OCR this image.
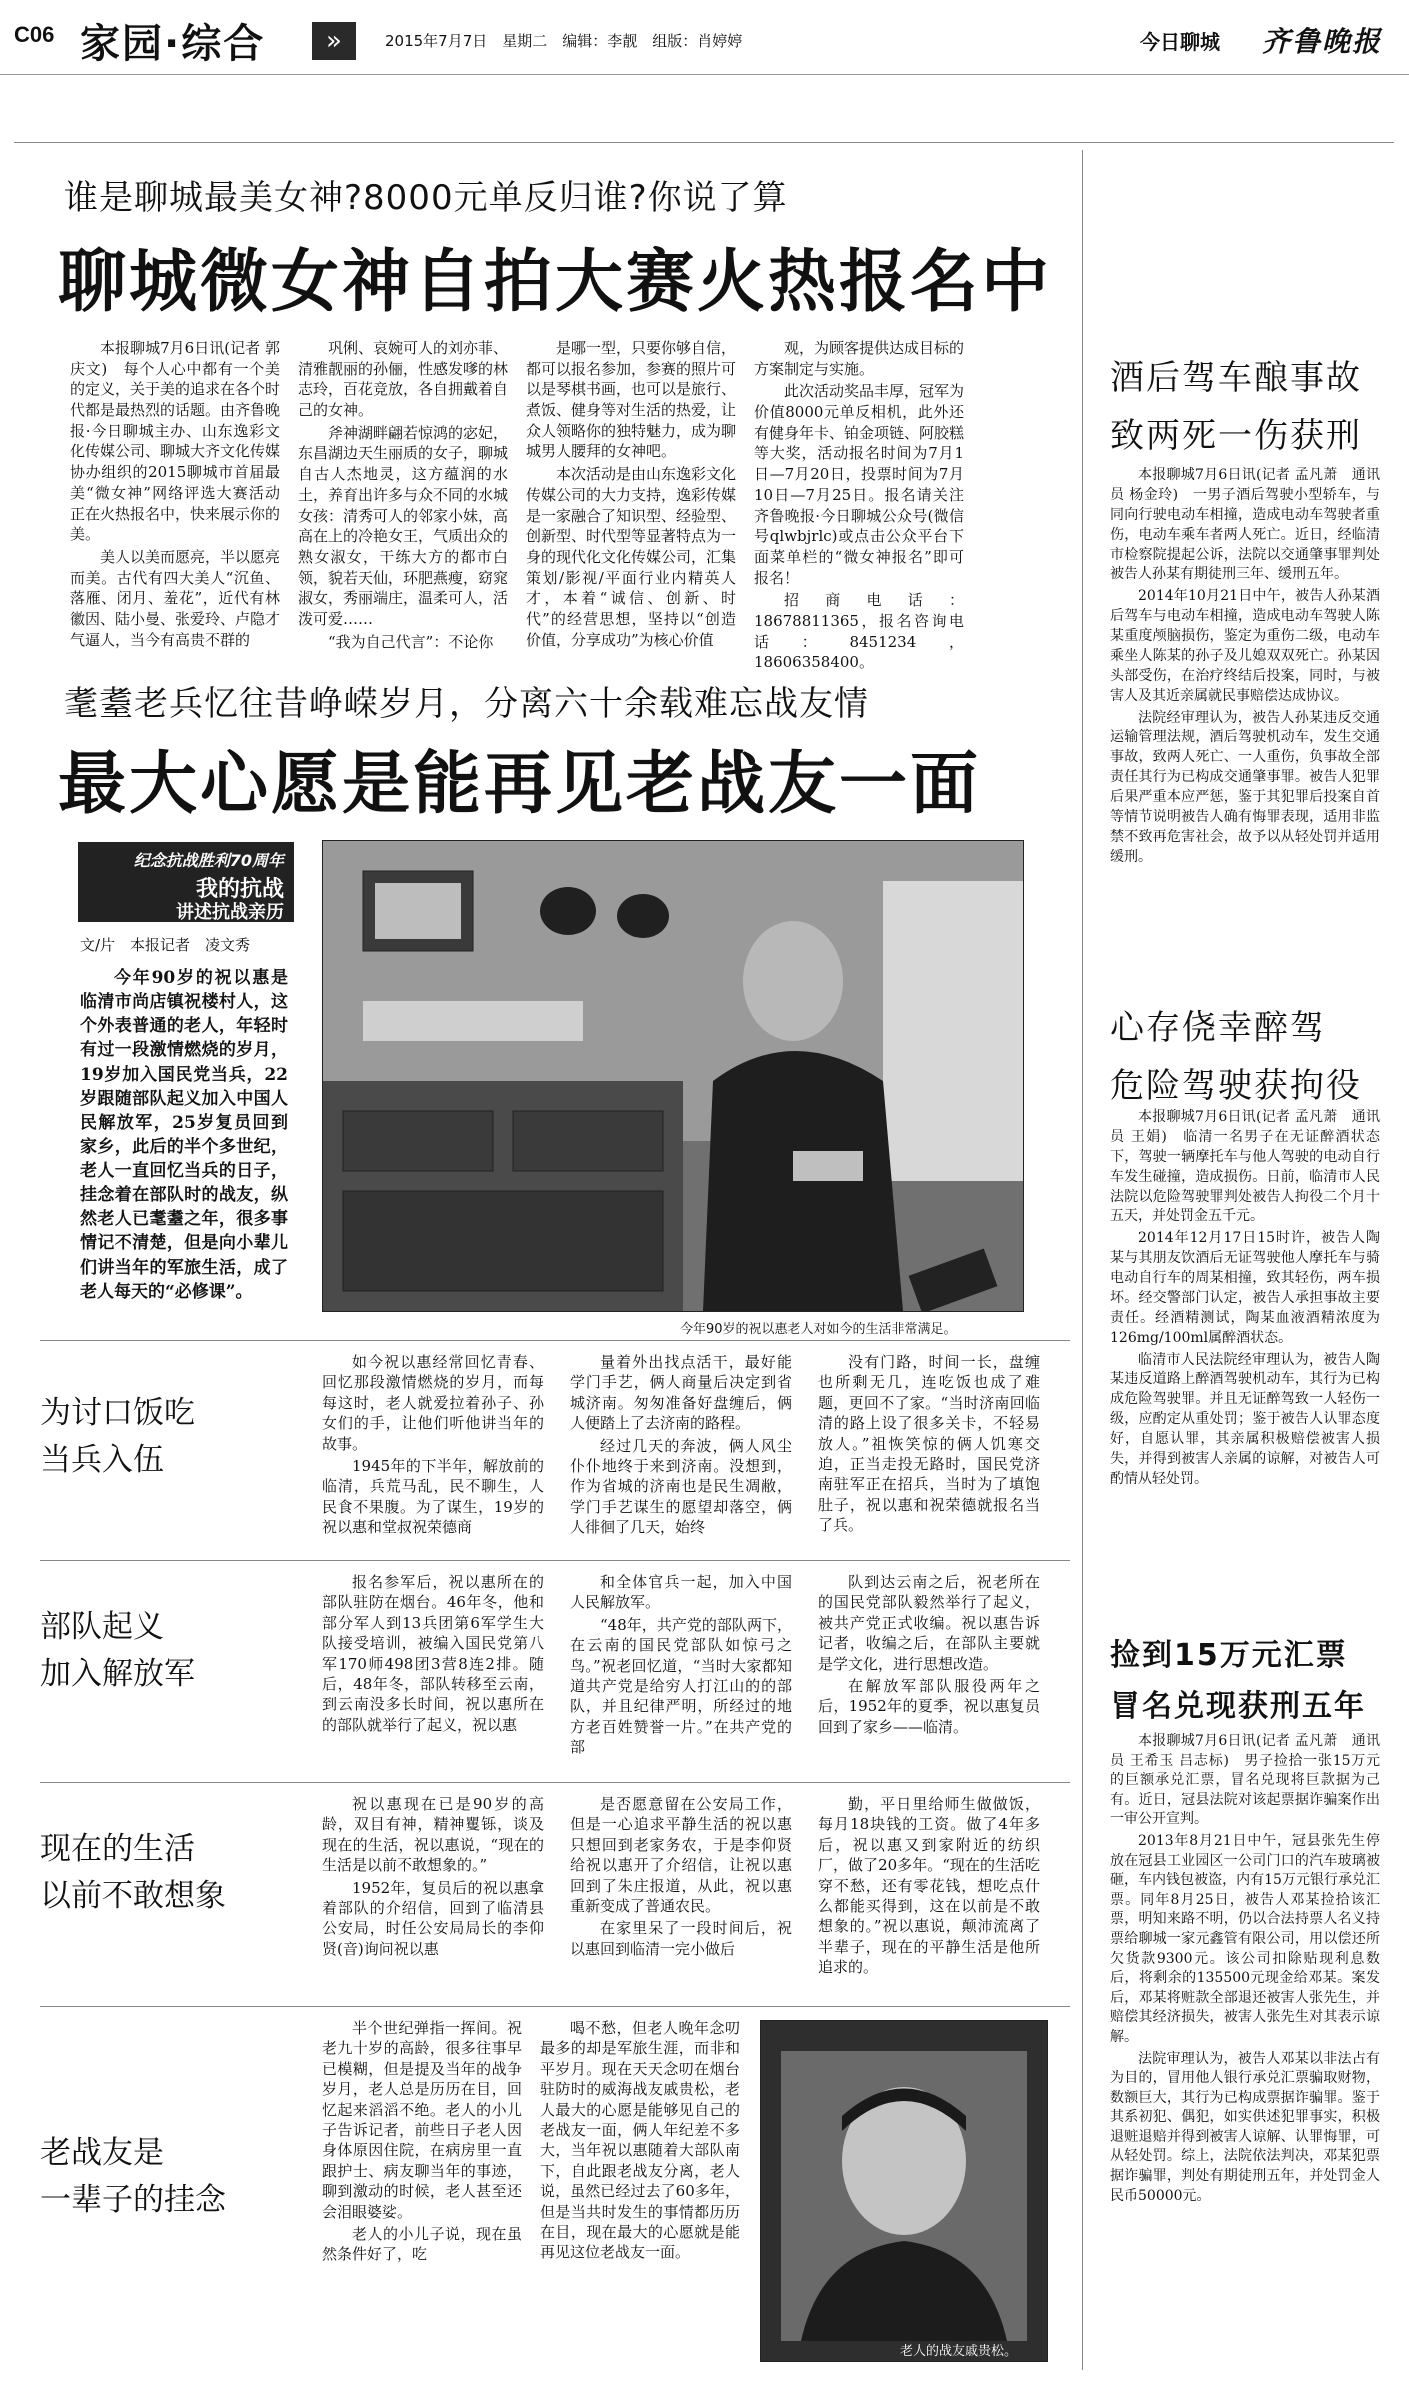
C06 家园·综合	»	2015年7月7日　星期二　编辑：李靓　组版：肖婷婷	今日聊城 齐鲁晚报
谁是聊城最美女神?8000元单反归谁?你说了算
聊城微女神自拍大赛火热报名中

本报聊城7月6日讯(记者 郭庆文)　每个人心中都有一个美的定义，关于美的追求在各个时代都是最热烈的话题。由齐鲁晚报·今日聊城主办、山东逸彩文化传媒公司、聊城大齐文化传媒协办组织的2015聊城市首届最美“微女神”网络评选大赛活动正在火热报名中，快来展示你的美。

美人以美而愿亮，半以愿亮而美。古代有四大美人“沉鱼、落雁、闭月、羞花”，近代有林徽因、陆小曼、张爱玲、卢隐才气逼人，当今有高贵不群的

巩俐、哀婉可人的刘亦菲、清雅靓丽的孙俪，性感发嗲的林志玲，百花竞放，各自拥戴着自己的女神。

斧神湖畔翩若惊鸿的宓妃，东昌湖边天生丽质的女子，聊城自古人杰地灵，这方蕴润的水土，养育出许多与众不同的水城女孩：清秀可人的邻家小妹，高高在上的冷艳女王，气质出众的熟女淑女，干练大方的都市白领，貌若天仙，环肥燕瘦，窈窕淑女，秀丽端庄，温柔可人，活泼可爱……

“我为自己代言”：不论你

是哪一型，只要你够自信，都可以报名参加，参赛的照片可以是琴棋书画，也可以是旅行、煮饭、健身等对生活的热爱，让众人领略你的独特魅力，成为聊城男人腰拜的女神吧。

本次活动是由山东逸彩文化传媒公司的大力支持，逸彩传媒是一家融合了知识型、经验型、创新型、时代型等显著特点为一身的现代化文化传媒公司，汇集策划/影视/平面行业内精英人才，本着“诚信、创新、时代”的经营思想，坚持以“创造价值，分享成功”为核心价值

观，为顾客提供达成目标的方案制定与实施。

此次活动奖品丰厚，冠军为价值8000元单反相机，此外还有健身年卡、铂金项链、阿胶糕等大奖，活动报名时间为7月1日—7月20日，投票时间为7月10日—7月25日。报名请关注齐鲁晚报·今日聊城公众号(微信号qlwbjrlc)或点击公众平台下面菜单栏的“微女神报名”即可报名！

招商电话：18678811365，报名咨询电话：8451234，18606358400。

耄耋老兵忆往昔峥嵘岁月，分离六十余载难忘战友情
最大心愿是能再见老战友一面
纪念抗战胜利70周年
我的抗战
讲述抗战亲历
文/片　本报记者　凌文秀
今年90岁的祝以惠是临清市尚店镇祝楼村人，这个外表普通的老人，年轻时有过一段激情燃烧的岁月，19岁加入国民党当兵，22岁跟随部队起义加入中国人民解放军，25岁复员回到家乡，此后的半个多世纪，老人一直回忆当兵的日子，挂念着在部队时的战友，纵然老人已耄耋之年，很多事情记不清楚，但是向小辈儿们讲当年的军旅生活，成了老人每天的“必修课”。
今年90岁的祝以惠老人对如今的生活非常满足。
为讨口饭吃
当兵入伍

如今祝以惠经常回忆青春、回忆那段激情燃烧的岁月，而每每这时，老人就爱拉着孙子、孙女们的手，让他们听他讲当年的故事。

1945年的下半年，解放前的临清，兵荒马乱，民不聊生，人民食不果腹。为了谋生，19岁的祝以惠和堂叔祝荣德商

量着外出找点活干，最好能学门手艺，俩人商量后决定到省城济南。匆匆准备好盘缠后，俩人便踏上了去济南的路程。

经过几天的奔波，俩人风尘仆仆地终于来到济南。没想到，作为省城的济南也是民生凋敝，学门手艺谋生的愿望却落空，俩人徘徊了几天，始终

没有门路，时间一长，盘缠也所剩无几，连吃饭也成了难题，更回不了家。“当时济南回临清的路上设了很多关卡，不轻易放人。”祖恢笑惊的俩人饥寒交迫，正当走投无路时，国民党济南驻军正在招兵，当时为了填饱肚子，祝以惠和祝荣德就报名当了兵。

部队起义
加入解放军

报名参军后，祝以惠所在的部队驻防在烟台。46年冬，他和部分军人到13兵团第6军学生大队接受培训，被编入国民党第八军170师498团3营8连2排。随后，48年冬，部队转移至云南，到云南没多长时间，祝以惠所在的部队就举行了起义，祝以惠

和全体官兵一起，加入中国人民解放军。

“48年，共产党的部队两下，在云南的国民党部队如惊弓之鸟。”祝老回忆道，“当时大家都知道共产党是给穷人打江山的的部队，并且纪律严明，所经过的地方老百姓赞誉一片。”在共产党的部

队到达云南之后，祝老所在的国民党部队毅然举行了起义，被共产党正式收编。祝以惠告诉记者，收编之后，在部队主要就是学文化，进行思想改造。

在解放军部队服役两年之后，1952年的夏季，祝以惠复员回到了家乡——临清。

现在的生活
以前不敢想象

祝以惠现在已是90岁的高龄，双目有神，精神矍铄，谈及现在的生活，祝以惠说，“现在的生活是以前不敢想象的。”

1952年，复员后的祝以惠拿着部队的介绍信，回到了临清县公安局，时任公安局局长的李仰贤(音)询问祝以惠

是否愿意留在公安局工作，但是一心追求平静生活的祝以惠只想回到老家务农，于是李仰贤给祝以惠开了介绍信，让祝以惠回到了朱庄报道，从此，祝以惠重新变成了普通农民。

在家里呆了一段时间后，祝以惠回到临清一完小做后

勤，平日里给师生做做饭，每月18块钱的工资。做了4年多后，祝以惠又到家附近的纺织厂，做了20多年。“现在的生活吃穿不愁，还有零花钱，想吃点什么都能买得到，这在以前是不敢想象的。”祝以惠说，颠沛流离了半辈子，现在的平静生活是他所追求的。

老战友是
一辈子的挂念

半个世纪弹指一挥间。祝老九十岁的高龄，很多往事早已模糊，但是提及当年的战争岁月，老人总是历历在目，回忆起来滔滔不绝。老人的小儿子告诉记者，前些日子老人因身体原因住院，在病房里一直跟护士、病友聊当年的事迹，聊到激动的时候，老人甚至还会泪眼婆娑。

老人的小儿子说，现在虽然条件好了，吃

喝不愁，但老人晚年念叨最多的却是军旅生涯，而非和平岁月。现在天天念叨在烟台驻防时的威海战友戚贵松，老人最大的心愿是能够见自己的老战友一面，俩人年纪差不多大，当年祝以惠随着大部队南下，自此跟老战友分离，老人说，虽然已经过去了60多年，但是当共时发生的事情都历历在目，现在最大的心愿就是能再见这位老战友一面。

老人的战友戚贵松。
酒后驾车酿事故
致两死一伤获刑

本报聊城7月6日讯(记者 孟凡萧　通讯员 杨金玲)　一男子酒后驾驶小型轿车，与同向行驶电动车相撞，造成电动车驾驶者重伤，电动车乘车者两人死亡。近日，经临清市检察院提起公诉，法院以交通肇事罪判处被告人孙某有期徒刑三年、缓刑五年。

2014年10月21日中午，被告人孙某酒后驾车与电动车相撞，造成电动车驾驶人陈某重度颅脑损伤，鉴定为重伤二级，电动车乘坐人陈某的孙子及儿媳双双死亡。孙某因头部受伤，在治疗终结后投案，同时，与被害人及其近亲属就民事赔偿达成协议。

法院经审理认为，被告人孙某违反交通运输管理法规，酒后驾驶机动车，发生交通事故，致两人死亡、一人重伤，负事故全部责任其行为已构成交通肇事罪。被告人犯罪后果严重本应严惩，鉴于其犯罪后投案自首等情节说明被告人确有悔罪表现，适用非监禁不致再危害社会，故予以从轻处罚并适用缓刑。

心存侥幸醉驾
危险驾驶获拘役

本报聊城7月6日讯(记者 孟凡萧　通讯员 王娟)　临清一名男子在无证醉酒状态下，驾驶一辆摩托车与他人驾驶的电动自行车发生碰撞，造成损伤。日前，临清市人民法院以危险驾驶罪判处被告人拘役二个月十五天，并处罚金五千元。

2014年12月17日15时许，被告人陶某与其朋友饮酒后无证驾驶他人摩托车与骑电动自行车的周某相撞，致其轻伤，两车损坏。经交警部门认定，被告人承担事故主要责任。经酒精测试，陶某血液酒精浓度为126mg/100ml属醉酒状态。

临清市人民法院经审理认为，被告人陶某违反道路上醉酒驾驶机动车，其行为已构成危险驾驶罪。并且无证醉驾致一人轻伤一级，应酌定从重处罚；鉴于被告人认罪态度好，自愿认罪，其亲属积极赔偿被害人损失，并得到被害人亲属的谅解，对被告人可酌情从轻处罚。

捡到15万元汇票
冒名兑现获刑五年

本报聊城7月6日讯(记者 孟凡萧　通讯员 王希玉 吕志标)　男子捡拾一张15万元的巨额承兑汇票，冒名兑现将巨款据为己有。近日，冠县法院对该起票据诈骗案作出一审公开宣判。

2013年8月21日中午，冠县张先生停放在冠县工业园区一公司门口的汽车玻璃被砸，车内钱包被盗，内有15万元银行承兑汇票。同年8月25日，被告人邓某捡拾该汇票，明知来路不明，仍以合法持票人名义持票给聊城一家元鑫管有限公司，用以偿还所欠货款9300元。该公司扣除贴现利息数后，将剩余的135500元现金给邓某。案发后，邓某将赃款全部退还被害人张先生，并赔偿其经济损失，被害人张先生对其表示谅解。

法院审理认为，被告人邓某以非法占有为目的，冒用他人银行承兑汇票骗取财物，数额巨大，其行为已构成票据诈骗罪。鉴于其系初犯、偶犯，如实供述犯罪事实，积极退赃退赔并得到被害人谅解、认罪悔罪，可从轻处罚。综上，法院依法判决，邓某犯票据诈骗罪，判处有期徒刑五年，并处罚金人民币50000元。
